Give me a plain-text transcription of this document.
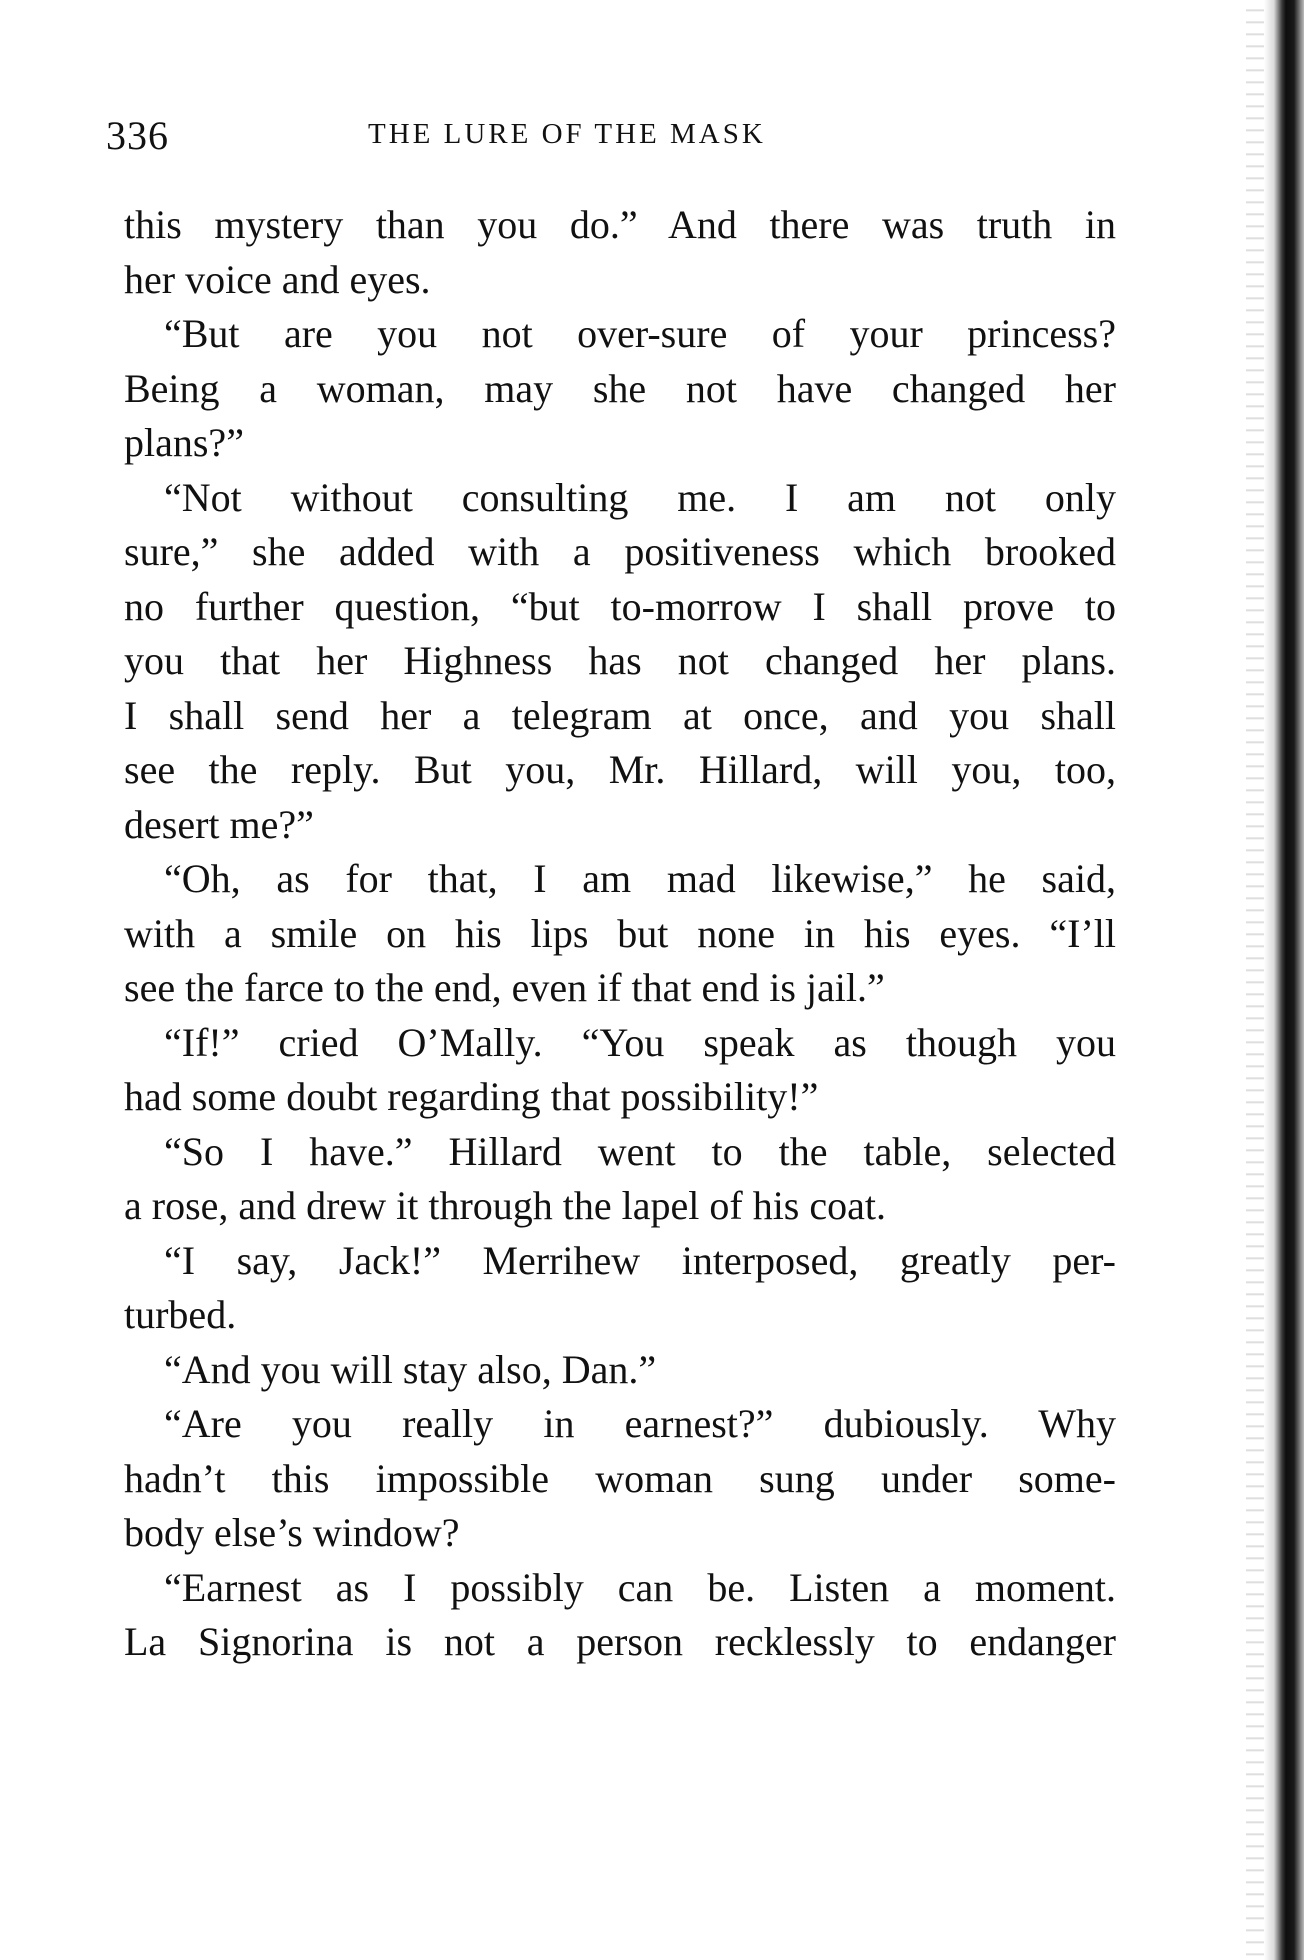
336	THE LURE OF THE MASK
this mystery than you do.” And there was truth in
her voice and eyes.
“But are you not over-sure of your princess?
Being a woman, may she not have changed her
plans?”
“Not without consulting me. I am not only
sure,” she added with a positiveness which brooked
no further question, “but to-morrow I shall prove to
you that her Highness has not changed her plans.
I shall send her a telegram at once, and you shall
see the reply. But you, Mr. Hillard, will you, too,
desert me?”
“Oh, as for that, I am mad likewise,” he said,
with a smile on his lips but none in his eyes. “I’ll
see the farce to the end, even if that end is jail.”
“If!” cried O’Mally. “You speak as though you
had some doubt regarding that possibility!”
“So I have.” Hillard went to the table, selected
a rose, and drew it through the lapel of his coat.
“I say, Jack!” Merrihew interposed, greatly per-
turbed.
“And you will stay also, Dan.”
“Are you really in earnest?” dubiously. Why
hadn’t this impossible woman sung under some-
body else’s window?
“Earnest as I possibly can be. Listen a moment.
La Signorina is not a person recklessly to endanger
